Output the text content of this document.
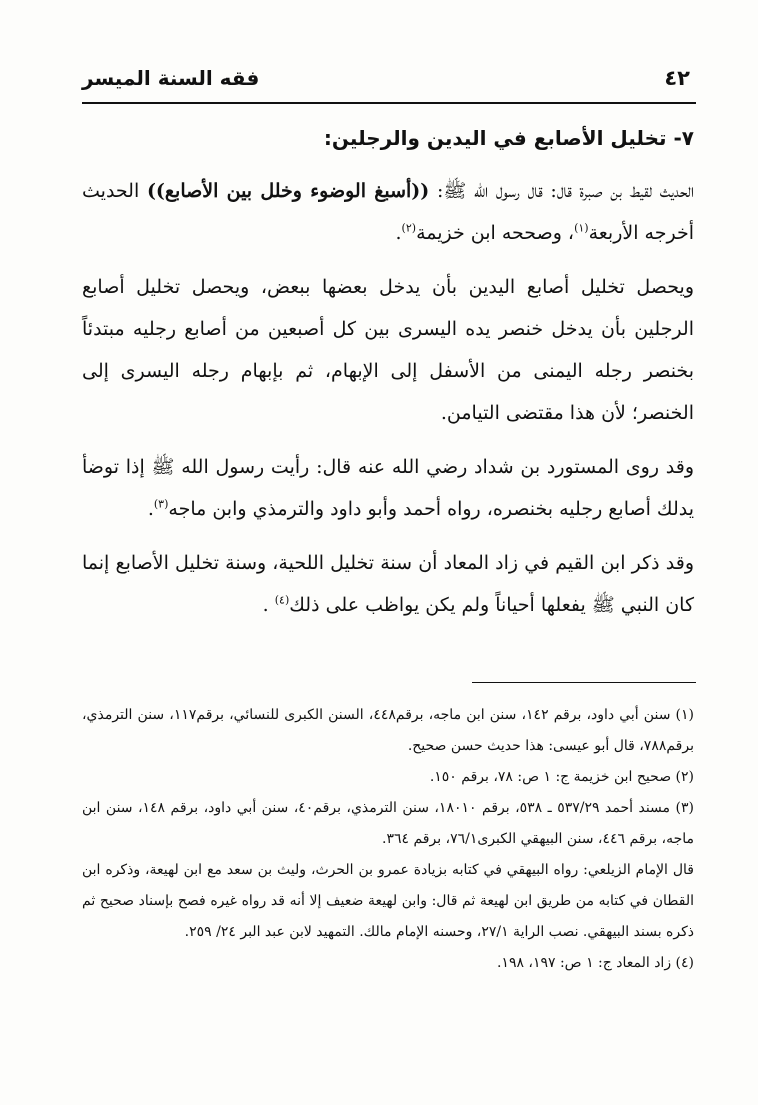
فقه السنة الميسر	٤٢
٧- تخليل الأصابع في اليدين والرجلين:

الحديث لقيط بن صبرة قال: قال رسول الله ﷺ: ((أسبغ الوضوء وخلل بين الأصابع)) الحديث أخرجه الأربعة$^{(١)}$، وصححه ابن خزيمة$^{(٢)}$.

ويحصل تخليل أصابع اليدين بأن يدخل بعضها ببعض، ويحصل تخليل أصابع الرجلين بأن يدخل خنصر يده اليسرى بين كل أصبعين من أصابع رجليه مبتدئاً بخنصر رجله اليمنى من الأسفل إلى الإبهام، ثم بإبهام رجله اليسرى إلى الخنصر؛ لأن هذا مقتضى التيامن.

وقد روى المستورد بن شداد رضي الله عنه قال: رأيت رسول الله ﷺ إذا توضأ يدلك أصابع رجليه بخنصره، رواه أحمد وأبو داود والترمذي وابن ماجه$^{(٣)}$.

وقد ذكر ابن القيم في زاد المعاد أن سنة تخليل اللحية، وسنة تخليل الأصابع إنما كان النبي ﷺ يفعلها أحياناً ولم يكن يواظب على ذلك$^{(٤)}$ .

(١) سنن أبي داود، برقم ١٤٢، سنن ابن ماجه، برقم٤٤٨، السنن الكبرى للنسائي، برقم١١٧، سنن الترمذي، برقم٧٨٨، قال أبو عيسى: هذا حديث حسن صحيح.

(٢) صحيح ابن خزيمة ج: ١ ص: ٧٨، برقم ١٥٠.

(٣) مسند أحمد ٥٣٧/٢٩ ـ ٥٣٨، برقم ١٨٠١٠، سنن الترمذي، برقم٤٠، سنن أبي داود، برقم ١٤٨، سنن ابن ماجه، برقم ٤٤٦، سنن البيهقي الكبرى٧٦/١، برقم ٣٦٤.

قال الإمام الزيلعي: رواه البيهقي في كتابه بزيادة عمرو بن الحرث، وليث بن سعد مع ابن لهيعة، وذكره ابن القطان في كتابه من طريق ابن لهيعة ثم قال: وابن لهيعة ضعيف إلا أنه قد رواه غيره فصح بإسناد صحيح ثم ذكره بسند البيهقي. نصب الراية ٢٧/١، وحسنه الإمام مالك. التمهيد لابن عبد البر ٢٤/ ٢٥٩.

(٤) زاد المعاد ج: ١ ص: ١٩٧، ١٩٨.
